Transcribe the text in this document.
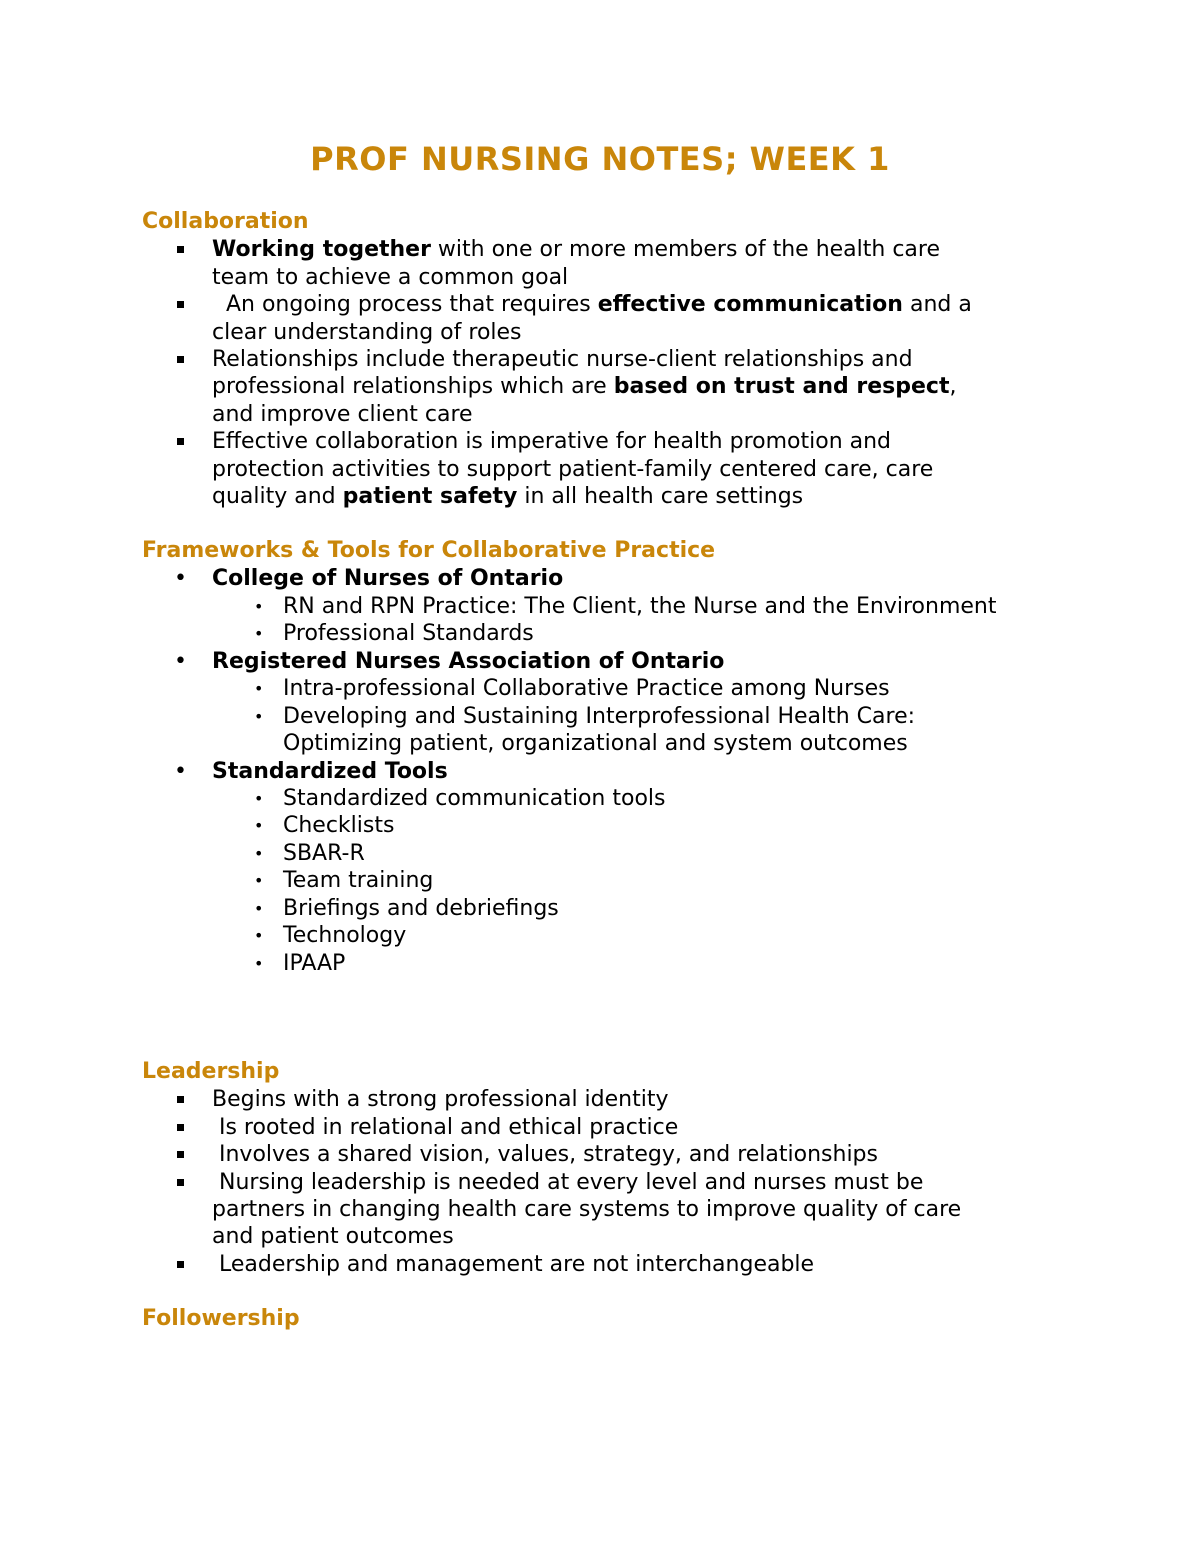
PROF NURSING NOTES; WEEK 1
Collaboration
Working together with one or more members of the health care
team to achieve a common goal
An ongoing process that requires effective communication and a
clear understanding of roles
Relationships include therapeutic nurse-client relationships and
professional relationships which are based on trust and respect,
and improve client care
Effective collaboration is imperative for health promotion and
protection activities to support patient-family centered care, care
quality and patient safety in all health care settings
Frameworks & Tools for Collaborative Practice
• College of Nurses of Ontario
• RN and RPN Practice: The Client, the Nurse and the Environment
• Professional Standards
• Registered Nurses Association of Ontario
• Intra-professional Collaborative Practice among Nurses
• Developing and Sustaining Interprofessional Health Care:
Optimizing patient, organizational and system outcomes
• Standardized Tools
• Standardized communication tools
• Checklists
• SBAR-R
• Team training
• Briefings and debriefings
• Technology
• IPAAP
Leadership
Begins with a strong professional identity
Is rooted in relational and ethical practice
Involves a shared vision, values, strategy, and relationships
Nursing leadership is needed at every level and nurses must be
partners in changing health care systems to improve quality of care
and patient outcomes
Leadership and management are not interchangeable
Followership
